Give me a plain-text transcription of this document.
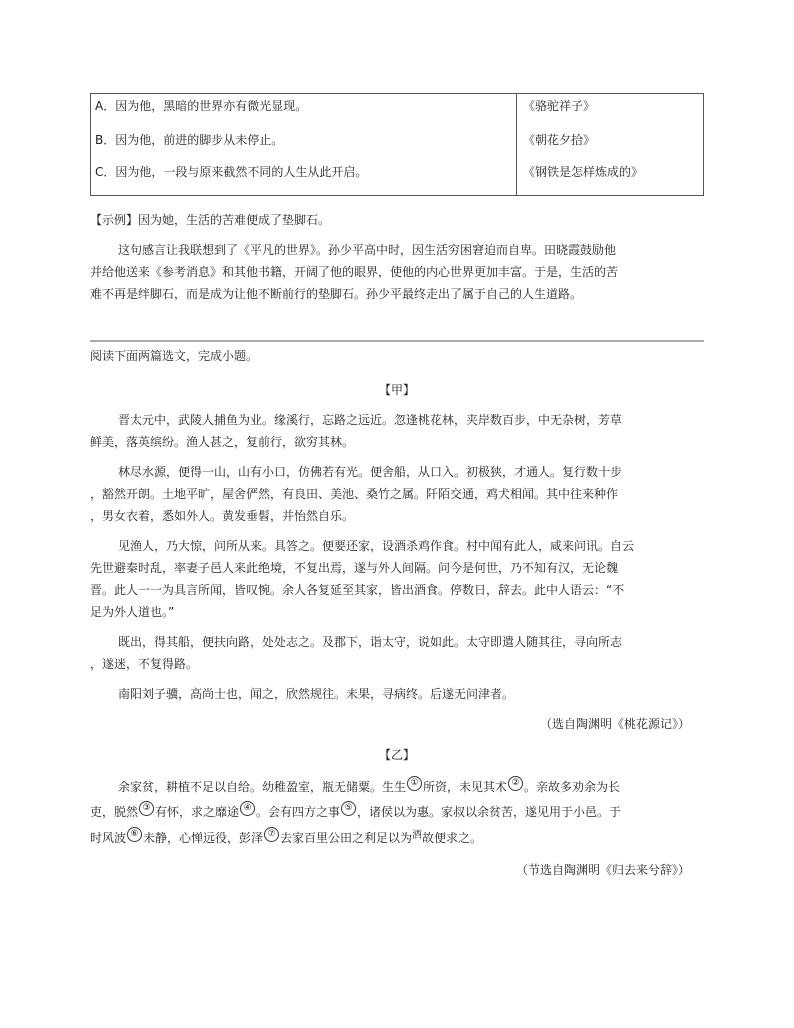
A．因为他，黑暗的世界亦有微光显现。	《骆驼祥子》
B．因为他，前进的脚步从未停止。	《朝花夕拾》
C．因为他，一段与原来截然不同的人生从此开启。	《钢铁是怎样炼成的》
【示例】因为她，生活的苦难便成了垫脚石。
这句感言让我联想到了《平凡的世界》。孙少平高中时，因生活穷困窘迫而自卑。田晓霞鼓励他
并给他送来《参考消息》和其他书籍，开阔了他的眼界，使他的内心世界更加丰富。于是，生活的苦
难不再是绊脚石，而是成为让他不断前行的垫脚石。孙少平最终走出了属于自己的人生道路。
阅读下面两篇选文，完成小题。
【甲】
晋太元中，武陵人捕鱼为业。缘溪行，忘路之远近。忽逢桃花林，夹岸数百步，中无杂树，芳草
鲜美，落英缤纷。渔人甚之，复前行，欲穷其林。
林尽水源，便得一山，山有小口，仿佛若有光。便舍船，从口入。初极狭，才通人。复行数十步
，豁然开朗。土地平旷，屋舍俨然，有良田、美池、桑竹之属。阡陌交通，鸡犬相闻。其中往来种作
，男女衣着，悉如外人。黄发垂髫，并怡然自乐。
见渔人，乃大惊，问所从来。具答之。便要还家，设酒杀鸡作食。村中闻有此人，咸来问讯。自云
先世避秦时乱，率妻子邑人来此绝境，不复出焉，遂与外人间隔。问今是何世，乃不知有汉，无论魏
晋。此人一一为具言所闻，皆叹惋。余人各复延至其家，皆出酒食。停数日，辞去。此中人语云：“不
足为外人道也。”
既出，得其船，便扶向路，处处志之。及郡下，诣太守，说如此。太守即遣人随其往，寻向所志
，遂迷，不复得路。
南阳刘子骥，高尚士也，闻之，欣然规往。未果，寻病终。后遂无问津者。
（选自陶渊明《桃花源记》）
【乙】
余家贫，耕植不足以自给。幼稚盈室，瓶无储粟。生生 ① 所资，未见其术 ② 。亲故多劝余为长
吏，脱然 ③ 有怀，求之靡途 ④ 。会有四方之事 ⑤ ，诸侯以为惠。家叔以余贫苦，遂见用于小邑。于
时风波 ⑥ 未静，心惮远役，彭泽 ⑦ 去家百里公田之利足以为$^酒$故便求之。
（节选自陶渊明《归去来兮辞》）
